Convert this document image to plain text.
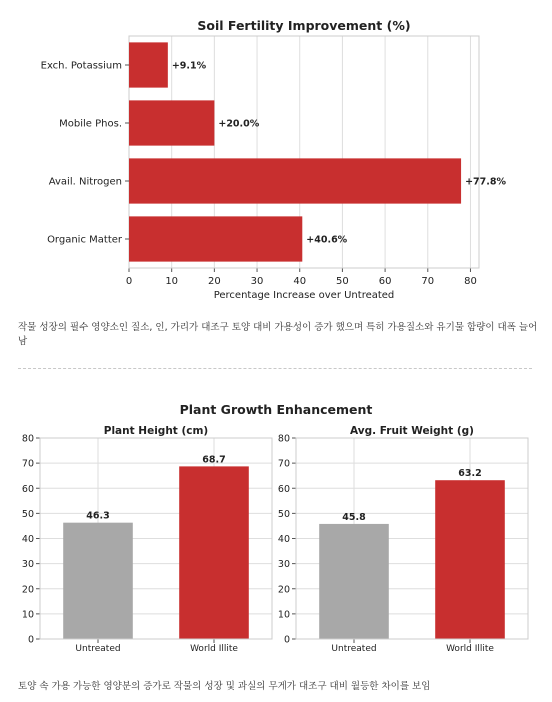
Soil Fertility Improvement (%)
0	10	20	30	40	50	60	70	80
Exch. Potassium	+9.1%
Mobile Phos.	+20.0%
Avail. Nitrogen	+77.8%
Organic Matter	+40.6%
Percentage Increase over Untreated

작물 성장의 필수 영양소인 질소, 인, 가리가 대조구 토양 대비 가용성이 증가 했으며 특히 가용질소와 유기물 함량이 대폭 늘어남

Plant Growth Enhancement
Plant Height (cm)
0
10
20
30
40
50
60
70
80
46.3
Untreated
68.7
World Illite
Avg. Fruit Weight (g)
0
10
20
30
40
50
60
70
80
45.8
Untreated
63.2
World Illite

토양 속 가용 가능한 영양분의 증가로 작물의 성장 및 과실의 무게가 대조구 대비 월등한 차이를 보임
